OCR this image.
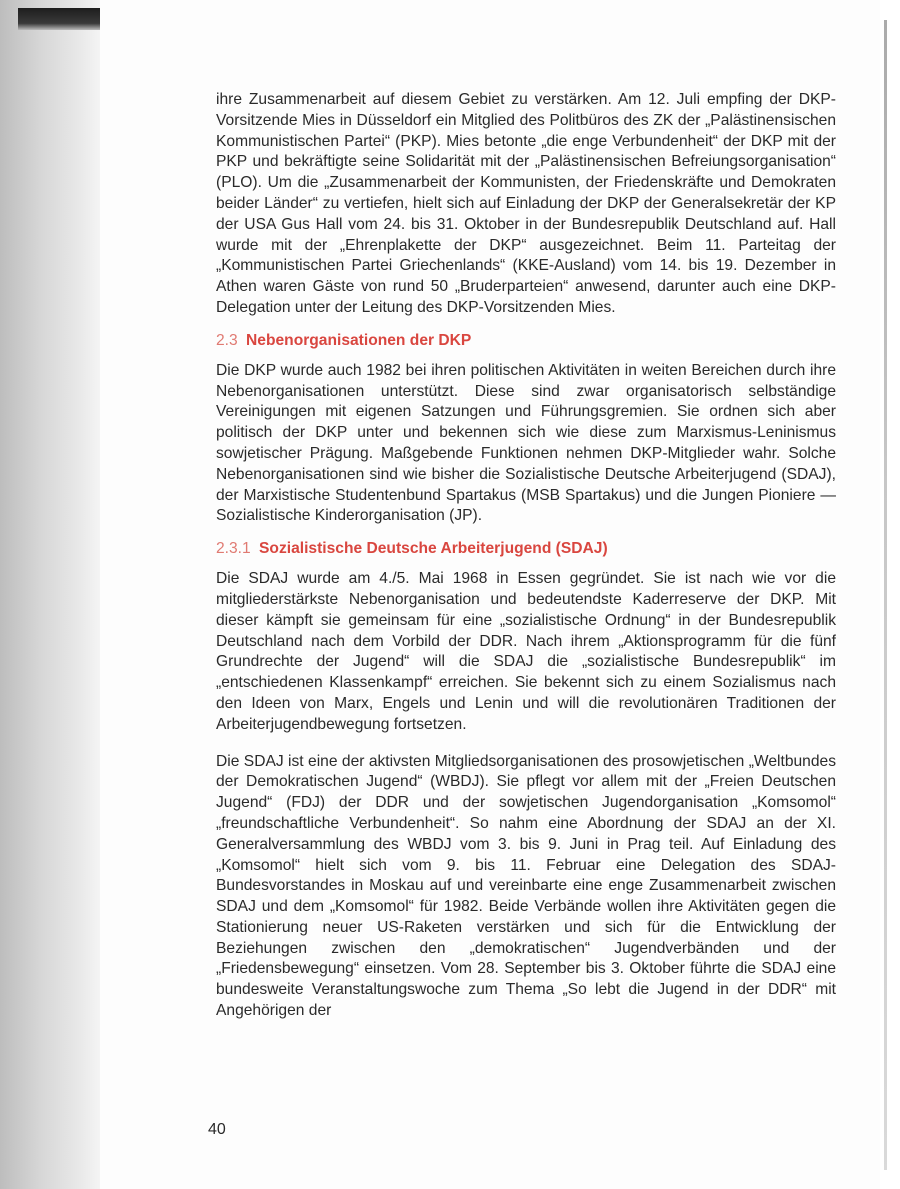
ihre Zusammenarbeit auf diesem Gebiet zu verstärken. Am 12. Juli empfing der DKP-Vorsitzende Mies in Düsseldorf ein Mitglied des Politbüros des ZK der „Palästinensischen Kommunistischen Partei“ (PKP). Mies betonte „die enge Verbundenheit“ der DKP mit der PKP und bekräftigte seine Solidarität mit der „Palästinensischen Befreiungsorganisation“ (PLO). Um die „Zusammenarbeit der Kommunisten, der Friedenskräfte und Demokraten beider Länder“ zu vertiefen, hielt sich auf Einladung der DKP der Generalsekretär der KP der USA Gus Hall vom 24. bis 31. Oktober in der Bundesrepublik Deutschland auf. Hall wurde mit der „Ehrenplakette der DKP“ ausgezeichnet. Beim 11. Parteitag der „Kommunistischen Partei Griechenlands“ (KKE-Ausland) vom 14. bis 19. Dezember in Athen waren Gäste von rund 50 „Bruderparteien“ anwesend, darunter auch eine DKP-Delegation unter der Leitung des DKP-Vorsitzenden Mies.

2.3 Nebenorganisationen der DKP

Die DKP wurde auch 1982 bei ihren politischen Aktivitäten in weiten Bereichen durch ihre Nebenorganisationen unterstützt. Diese sind zwar organisatorisch selbständige Vereinigungen mit eigenen Satzungen und Führungsgremien. Sie ordnen sich aber politisch der DKP unter und bekennen sich wie diese zum Marxismus-Leninismus sowjetischer Prägung. Maßgebende Funktionen nehmen DKP-Mitglieder wahr. Solche Nebenorganisationen sind wie bisher die Sozialistische Deutsche Arbeiterjugend (SDAJ), der Marxistische Studentenbund Spartakus (MSB Spartakus) und die Jungen Pioniere — Sozialistische Kinderorganisation (JP).

2.3.1 Sozialistische Deutsche Arbeiterjugend (SDAJ)

Die SDAJ wurde am 4./5. Mai 1968 in Essen gegründet. Sie ist nach wie vor die mitgliederstärkste Nebenorganisation und bedeutendste Kaderreserve der DKP. Mit dieser kämpft sie gemeinsam für eine „sozialistische Ordnung“ in der Bundesrepublik Deutschland nach dem Vorbild der DDR. Nach ihrem „Aktionsprogramm für die fünf Grundrechte der Jugend“ will die SDAJ die „sozialistische Bundesrepublik“ im „entschiedenen Klassenkampf“ erreichen. Sie bekennt sich zu einem Sozialismus nach den Ideen von Marx, Engels und Lenin und will die revolutionären Traditionen der Arbeiterjugendbewegung fortsetzen.

Die SDAJ ist eine der aktivsten Mitgliedsorganisationen des prosowjetischen „Weltbundes der Demokratischen Jugend“ (WBDJ). Sie pflegt vor allem mit der „Freien Deutschen Jugend“ (FDJ) der DDR und der sowjetischen Jugendorganisation „Komsomol“ „freundschaftliche Verbundenheit“. So nahm eine Abordnung der SDAJ an der XI. Generalversammlung des WBDJ vom 3. bis 9. Juni in Prag teil. Auf Einladung des „Komsomol“ hielt sich vom 9. bis 11. Februar eine Delegation des SDAJ-Bundesvorstandes in Moskau auf und vereinbarte eine enge Zusammenarbeit zwischen SDAJ und dem „Komsomol“ für 1982. Beide Verbände wollen ihre Aktivitäten gegen die Stationierung neuer US-Raketen verstärken und sich für die Entwicklung der Beziehungen zwischen den „demokratischen“ Jugendverbänden und der „Friedensbewegung“ einsetzen. Vom 28. September bis 3. Oktober führte die SDAJ eine bundesweite Veranstaltungswoche zum Thema „So lebt die Jugend in der DDR“ mit Angehörigen der

40
